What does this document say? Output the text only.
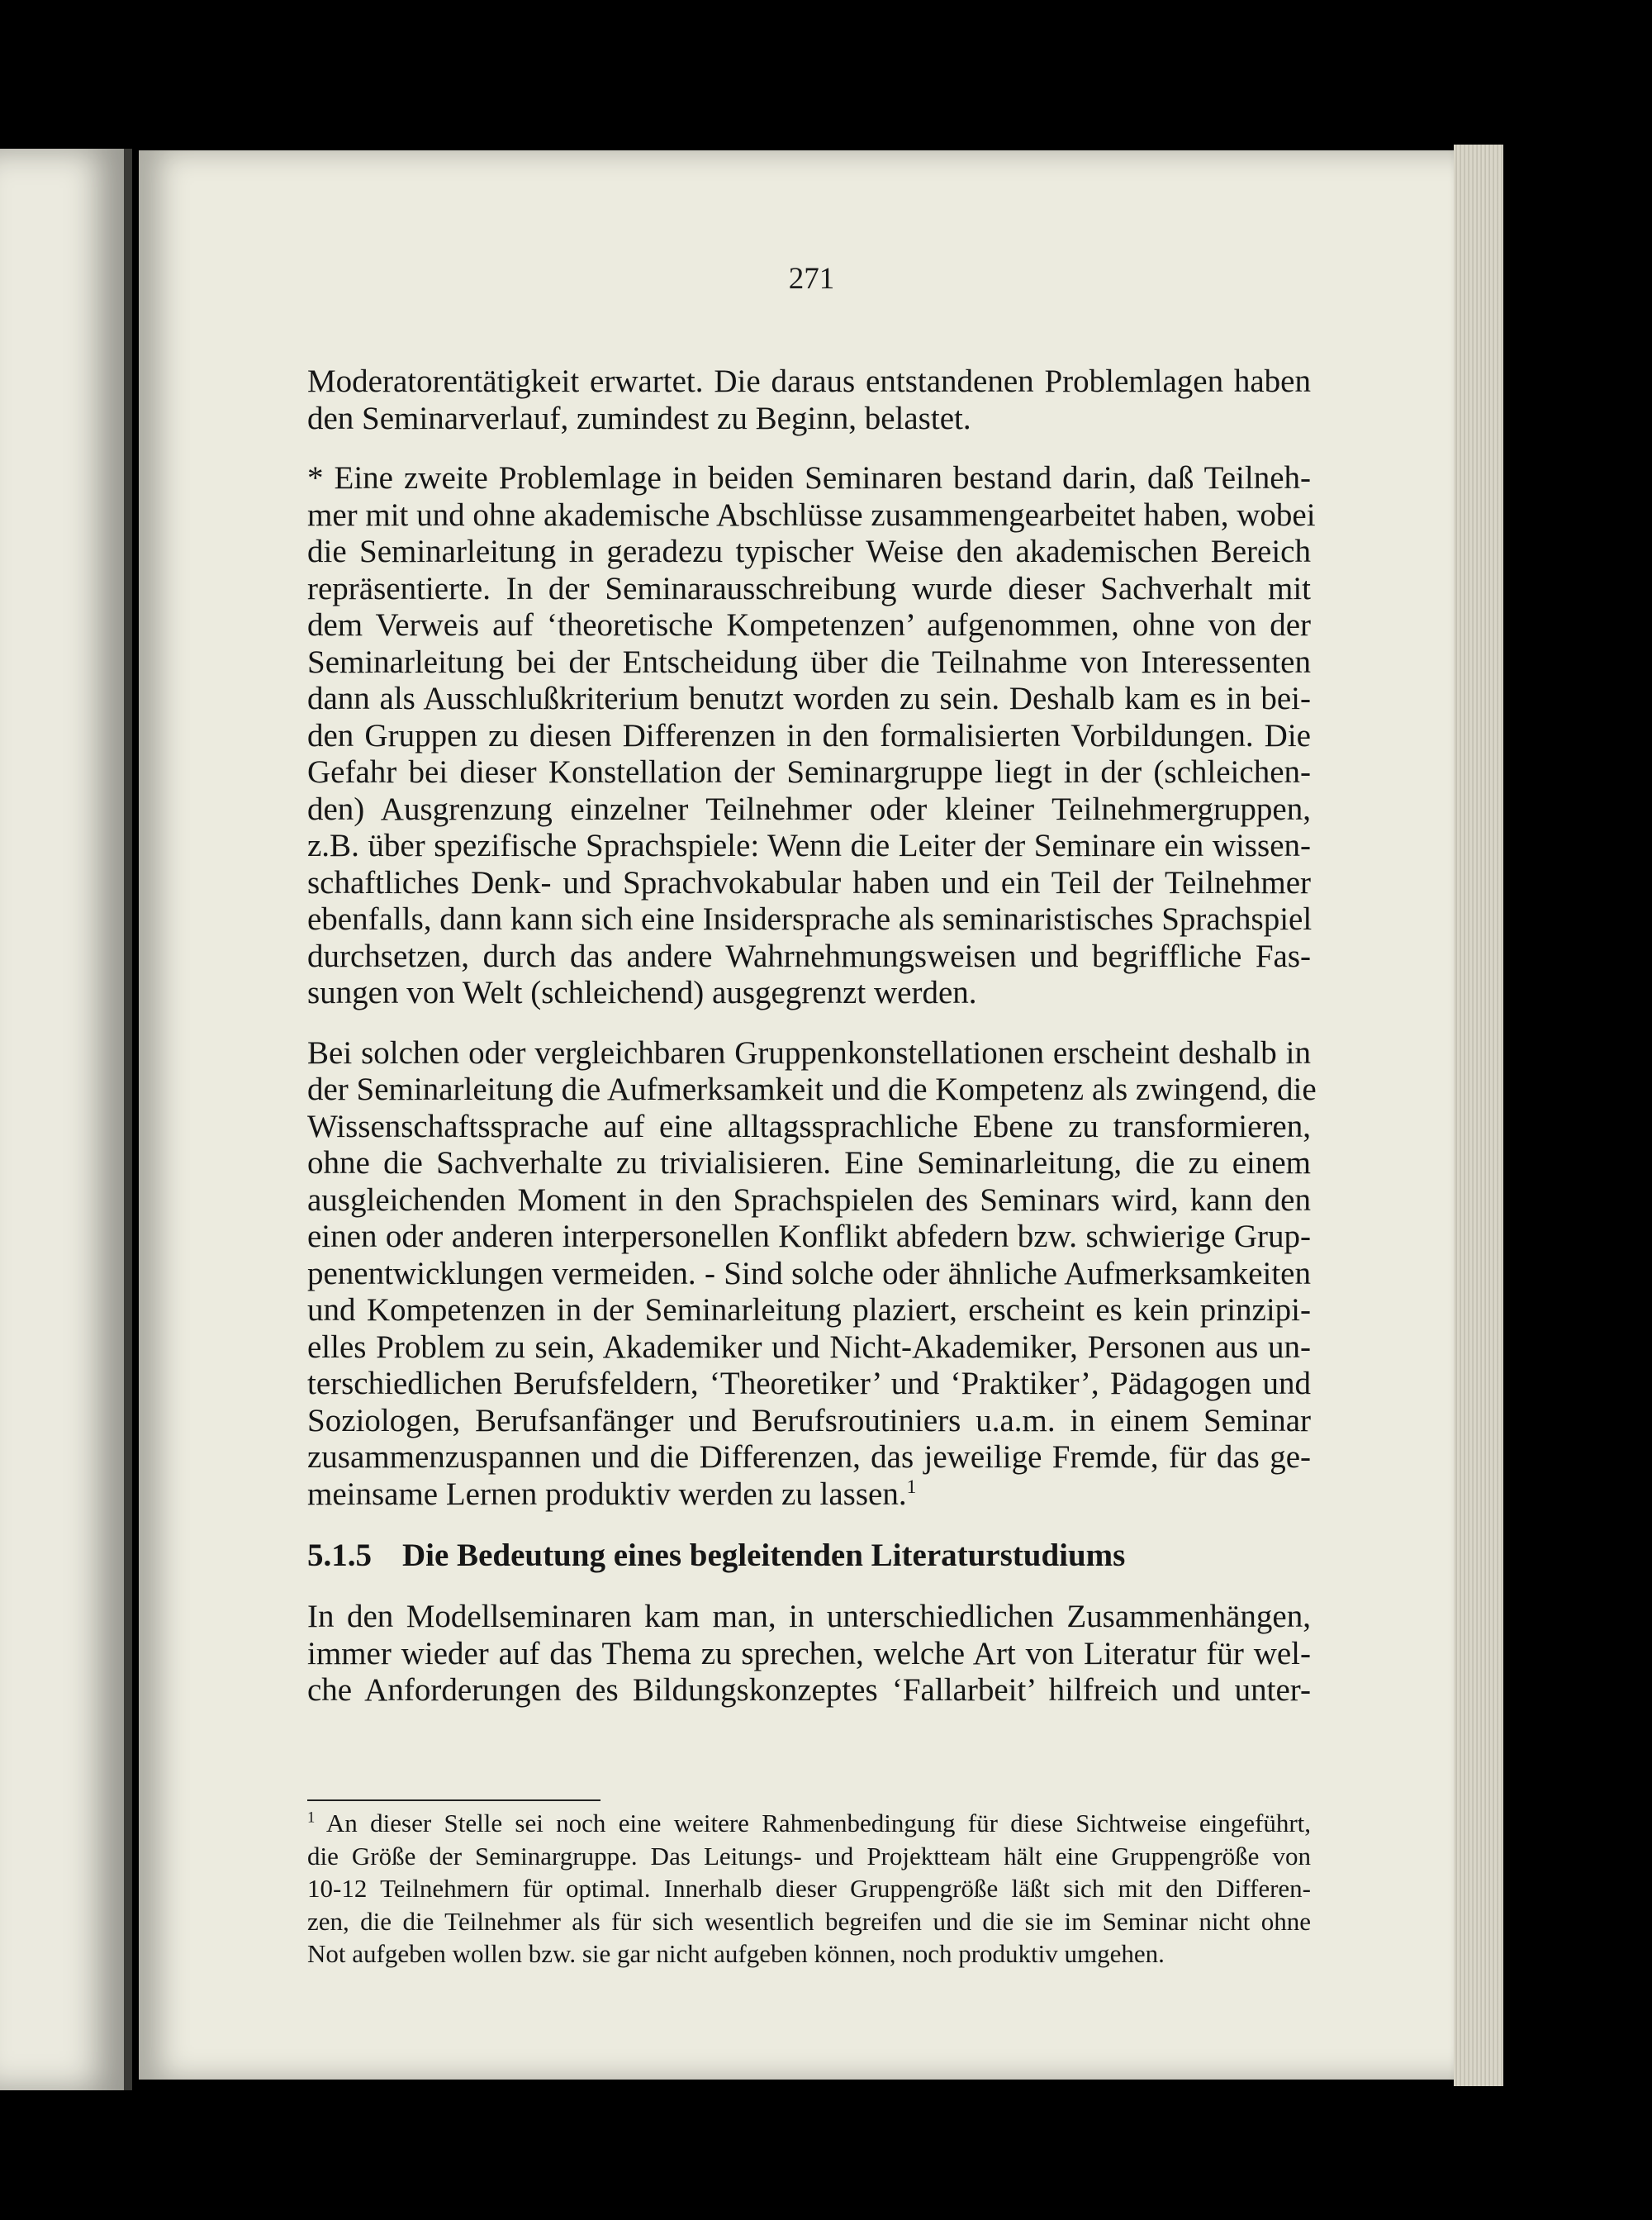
271
Moderatorentätigkeit erwartet. Die daraus entstandenen Problemlagen haben
den Seminarverlauf, zumindest zu Beginn, belastet.
* Eine zweite Problemlage in beiden Seminaren bestand darin, daß Teilneh-
mer mit und ohne akademische Abschlüsse zusammengearbeitet haben, wobei
die Seminarleitung in geradezu typischer Weise den akademischen Bereich
repräsentierte. In der Seminarausschreibung wurde dieser Sachverhalt mit
dem Verweis auf ‘theoretische Kompetenzen’ aufgenommen, ohne von der
Seminarleitung bei der Entscheidung über die Teilnahme von Interessenten
dann als Ausschlußkriterium benutzt worden zu sein. Deshalb kam es in bei-
den Gruppen zu diesen Differenzen in den formalisierten Vorbildungen. Die
Gefahr bei dieser Konstellation der Seminargruppe liegt in der (schleichen-
den) Ausgrenzung einzelner Teilnehmer oder kleiner Teilnehmergruppen,
z.B. über spezifische Sprachspiele: Wenn die Leiter der Seminare ein wissen-
schaftliches Denk- und Sprachvokabular haben und ein Teil der Teilnehmer
ebenfalls, dann kann sich eine Insidersprache als seminaristisches Sprachspiel
durchsetzen, durch das andere Wahrnehmungsweisen und begriffliche Fas-
sungen von Welt (schleichend) ausgegrenzt werden.
Bei solchen oder vergleichbaren Gruppenkonstellationen erscheint deshalb in
der Seminarleitung die Aufmerksamkeit und die Kompetenz als zwingend, die
Wissenschaftssprache auf eine alltagssprachliche Ebene zu transformieren,
ohne die Sachverhalte zu trivialisieren. Eine Seminarleitung, die zu einem
ausgleichenden Moment in den Sprachspielen des Seminars wird, kann den
einen oder anderen interpersonellen Konflikt abfedern bzw. schwierige Grup-
penentwicklungen vermeiden. - Sind solche oder ähnliche Aufmerksamkeiten
und Kompetenzen in der Seminarleitung plaziert, erscheint es kein prinzipi-
elles Problem zu sein, Akademiker und Nicht-Akademiker, Personen aus un-
terschiedlichen Berufsfeldern, ‘Theoretiker’ und ‘Praktiker’, Pädagogen und
Soziologen, Berufsanfänger und Berufsroutiniers u.a.m. in einem Seminar
zusammenzuspannen und die Differenzen, das jeweilige Fremde, für das ge-
meinsame Lernen produktiv werden zu lassen.$^1$
5.1.5 Die Bedeutung eines begleitenden Literaturstudiums
In den Modellseminaren kam man, in unterschiedlichen Zusammenhängen,
immer wieder auf das Thema zu sprechen, welche Art von Literatur für wel-
che Anforderungen des Bildungskonzeptes ‘Fallarbeit’ hilfreich und unter-
$^1$ An dieser Stelle sei noch eine weitere Rahmenbedingung für diese Sichtweise eingeführt,
die Größe der Seminargruppe. Das Leitungs- und Projektteam hält eine Gruppengröße von
10-12 Teilnehmern für optimal. Innerhalb dieser Gruppengröße läßt sich mit den Differen-
zen, die die Teilnehmer als für sich wesentlich begreifen und die sie im Seminar nicht ohne
Not aufgeben wollen bzw. sie gar nicht aufgeben können, noch produktiv umgehen.
